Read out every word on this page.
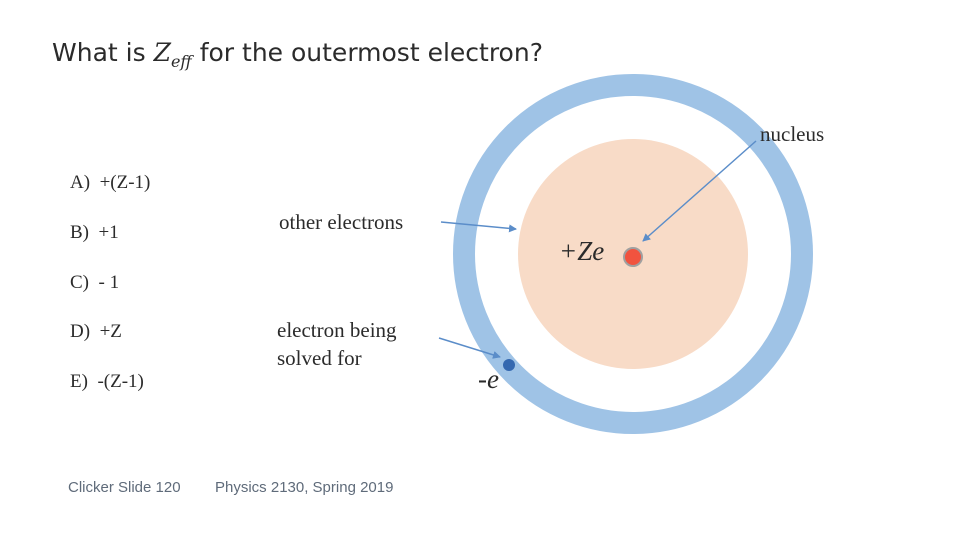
What is $Z_{eff}$ for the outermost electron?
A) +(Z-1)
B) +1
C) - 1
D) +Z
E) -(Z-1)
nucleus
other electrons
electron being
solved for
+Ze
-e
Clicker Slide 120 Physics 2130, Spring 2019
